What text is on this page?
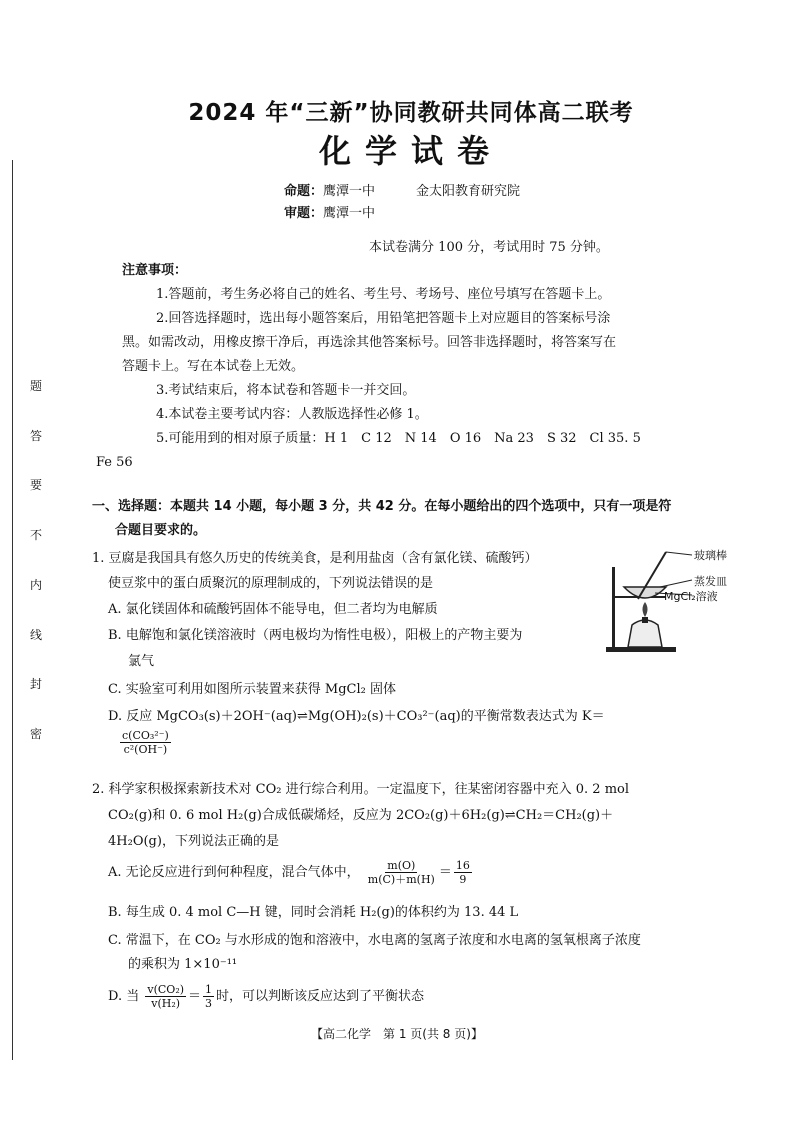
题
答
要
不
内
线
封
密
2024 年“三新”协同教研共同体高二联考
化学试卷
命题：鹰潭一中	金太阳教育研究院
审题：鹰潭一中
本试卷满分 100 分，考试用时 75 分钟。
注意事项：
1.答题前，考生务必将自己的姓名、考生号、考场号、座位号填写在答题卡上。
2.回答选择题时，选出每小题答案后，用铅笔把答题卡上对应题目的答案标号涂
黑。如需改动，用橡皮擦干净后，再选涂其他答案标号。回答非选择题时，将答案写在
答题卡上。写在本试卷上无效。
3.考试结束后，将本试卷和答题卡一并交回。
4.本试卷主要考试内容：人教版选择性必修 1。
5.可能用到的相对原子质量：H 1　C 12　N 14　O 16　Na 23　S 32　Cl 35. 5
Fe 56
一、选择题：本题共 14 小题，每小题 3 分，共 42 分。在每小题给出的四个选项中，只有一项是符
合题目要求的。
1. 豆腐是我国具有悠久历史的传统美食，是利用盐卤（含有氯化镁、硫酸钙）
使豆浆中的蛋白质聚沉的原理制成的，下列说法错误的是
A. 氯化镁固体和硫酸钙固体不能导电，但二者均为电解质
B. 电解饱和氯化镁溶液时（两电极均为惰性电极），阳极上的产物主要为
氯气
C. 实验室可利用如图所示装置来获得 MgCl₂ 固体
D. 反应 MgCO₃(s)＋2OH⁻(aq)⇌Mg(OH)₂(s)＋CO₃²⁻(aq)的平衡常数表达式为 K＝
$\frac{\text{c(CO₃²⁻)}}{\text{c²(OH⁻)}}$
玻璃棒
蒸发皿
MgCl₂溶液
2. 科学家积极探索新技术对 CO₂ 进行综合利用。一定温度下，往某密闭容器中充入 0. 2 mol
CO₂(g)和 0. 6 mol H₂(g)合成低碳烯烃，反应为 2CO₂(g)＋6H₂(g)⇌CH₂＝CH₂(g)＋
4H₂O(g)，下列说法正确的是
A. 无论反应进行到何种程度，混合气体中， $\frac{m(O)}{m(C)+m(H)} = \frac{16}{9}$
B. 每生成 0. 4 mol C—H 键，同时会消耗 H₂(g)的体积约为 13. 44 L
C. 常温下，在 CO₂ 与水形成的饱和溶液中，水电离的氢离子浓度和水电离的氢氧根离子浓度
的乘积为 1×10⁻¹¹
D. 当 $\frac{\text{v(CO₂)}}{\text{v(H₂)}} = \frac{1}{3}$ 时，可以判断该反应达到了平衡状态
【高二化学　第 1 页(共 8 页)】
